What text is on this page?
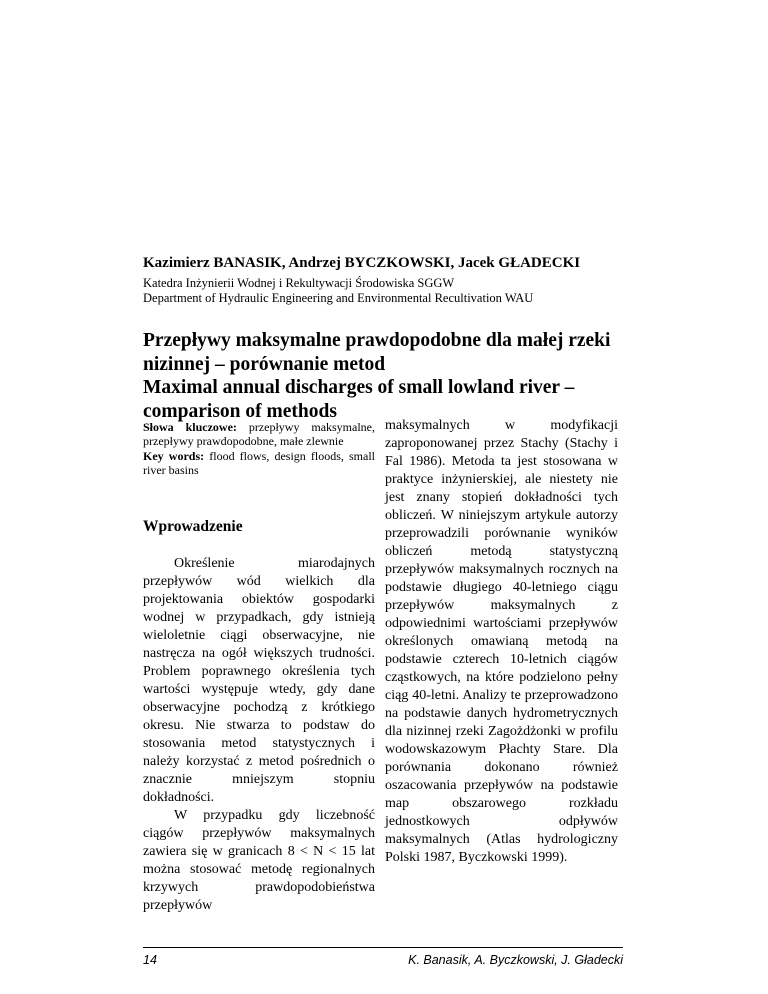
Kazimierz BANASIK, Andrzej BYCZKOWSKI, Jacek GŁADECKI
Katedra Inżynierii Wodnej i Rekultywacji Środowiska SGGW
Department of Hydraulic Engineering and Environmental Recultivation WAU
Przepływy maksymalne prawdopodobne dla małej rzeki
nizinnej – porównanie metod
Maximal annual discharges of small lowland river –
comparison of methods

Słowa kluczowe: przepływy maksymalne, przepływy prawdopodobne, małe zlewnie

Key words: flood flows, design floods, small river basins

Wprowadzenie

Określenie miarodajnych przepływów wód wielkich dla projektowania obiektów gospodarki wodnej w przypadkach, gdy istnieją wieloletnie ciągi obserwacyjne, nie nastręcza na ogół większych trudności. Problem poprawnego określenia tych wartości występuje wtedy, gdy dane obserwacyjne pochodzą z krótkiego okresu. Nie stwarza to podstaw do stosowania metod statystycznych i należy korzystać z metod pośrednich o znacznie mniejszym stopniu dokładności.

W przypadku gdy liczebność ciągów przepływów maksymalnych zawiera się w granicach 8 < N < 15 lat można stosować metodę regionalnych krzywych prawdopodobieństwa przepływów

maksymalnych w modyfikacji zaproponowanej przez Stachy (Stachy i Fal 1986). Metoda ta jest stosowana w praktyce inżynierskiej, ale niestety nie jest znany stopień dokładności tych obliczeń. W niniejszym artykule autorzy przeprowadzili porównanie wyników obliczeń metodą statystyczną przepływów maksymalnych rocznych na podstawie długiego 40-letniego ciągu przepływów maksymalnych z odpowiednimi wartościami przepływów określonych omawianą metodą na podstawie czterech 10-letnich ciągów cząstkowych, na które podzielono pełny ciąg 40-letni. Analizy te przeprowadzono na podstawie danych hydrometrycznych dla nizinnej rzeki Zagożdżonki w profilu wodowskazowym Płachty Stare. Dla porównania dokonano również oszacowania przepływów na podstawie map obszarowego rozkładu jednostkowych odpływów maksymalnych (Atlas hydrologiczny Polski 1987, Byczkowski 1999).

14	K. Banasik, A. Byczkowski, J. Gładecki
